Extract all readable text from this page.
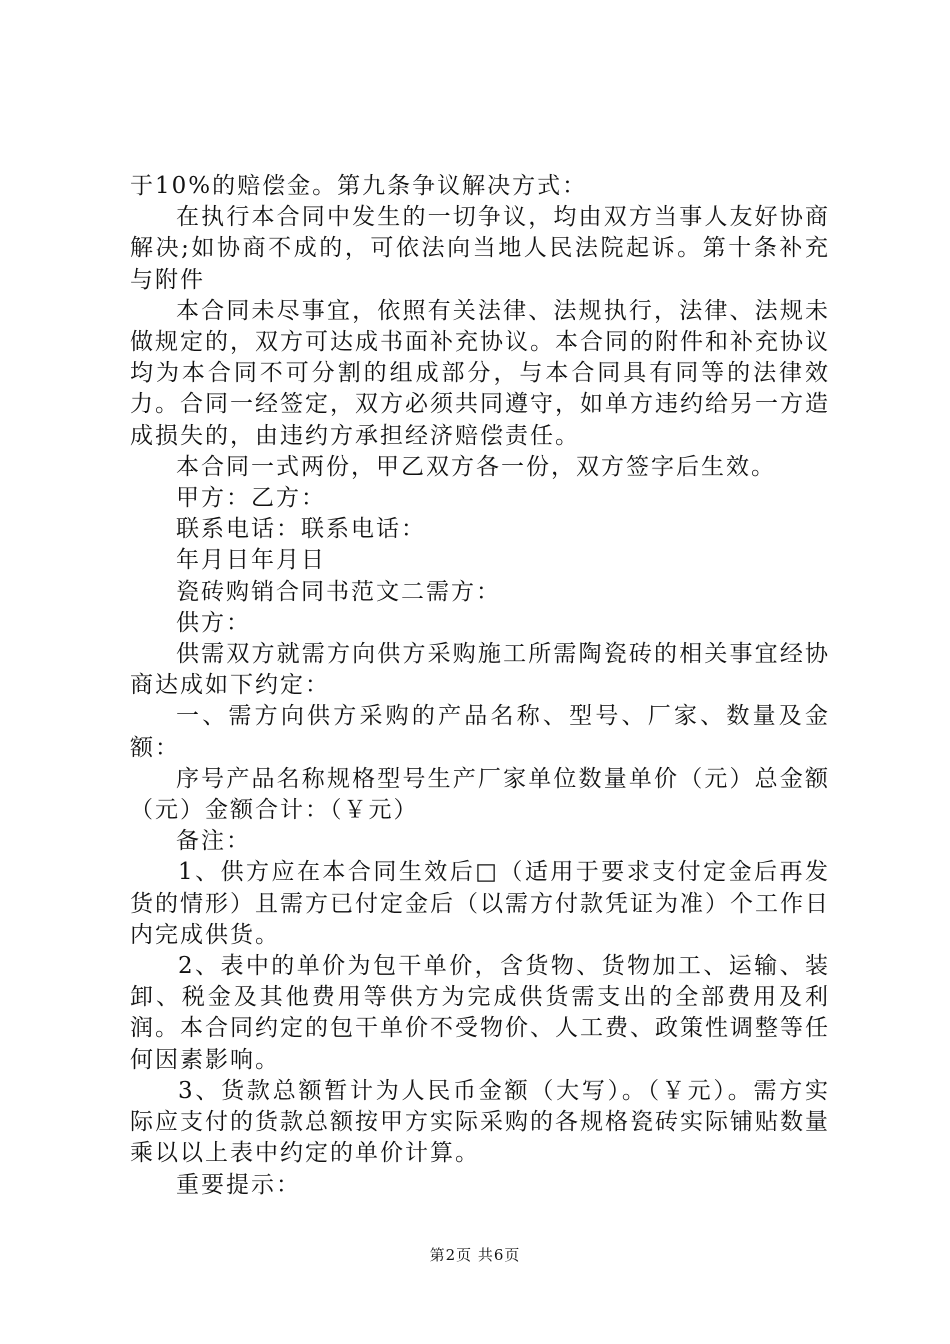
于10%的赔偿金。第九条争议解决方式：

在执行本合同中发生的一切争议，均由双方当事人友好协商解决;如协商不成的，可依法向当地人民法院起诉。第十条补充与附件

本合同未尽事宜，依照有关法律、法规执行，法律、法规未做规定的，双方可达成书面补充协议。本合同的附件和补充协议均为本合同不可分割的组成部分，与本合同具有同等的法律效力。合同一经签定，双方必须共同遵守，如单方违约给另一方造成损失的，由违约方承担经济赔偿责任。

本合同一式两份，甲乙双方各一份，双方签字后生效。

甲方：乙方：

联系电话：联系电话：

年月日年月日

瓷砖购销合同书范文二需方：

供方：

供需双方就需方向供方采购施工所需陶瓷砖的相关事宜经协商达成如下约定：

一、需方向供方采购的产品名称、型号、厂家、数量及金额：

序号产品名称规格型号生产厂家单位数量单价（元）总金额（元）金额合计：（￥元）

备注：

1、供方应在本合同生效后□（适用于要求支付定金后再发货的情形）且需方已付定金后（以需方付款凭证为准）个工作日内完成供货。

2、表中的单价为包干单价，含货物、货物加工、运输、装卸、税金及其他费用等供方为完成供货需支出的全部费用及利润。本合同约定的包干单价不受物价、人工费、政策性调整等任何因素影响。

3、货款总额暂计为人民币金额（大写）。（￥元）。需方实际应支付的货款总额按甲方实际采购的各规格瓷砖实际铺贴数量乘以以上表中约定的单价计算。

重要提示：

第2页 共6页
